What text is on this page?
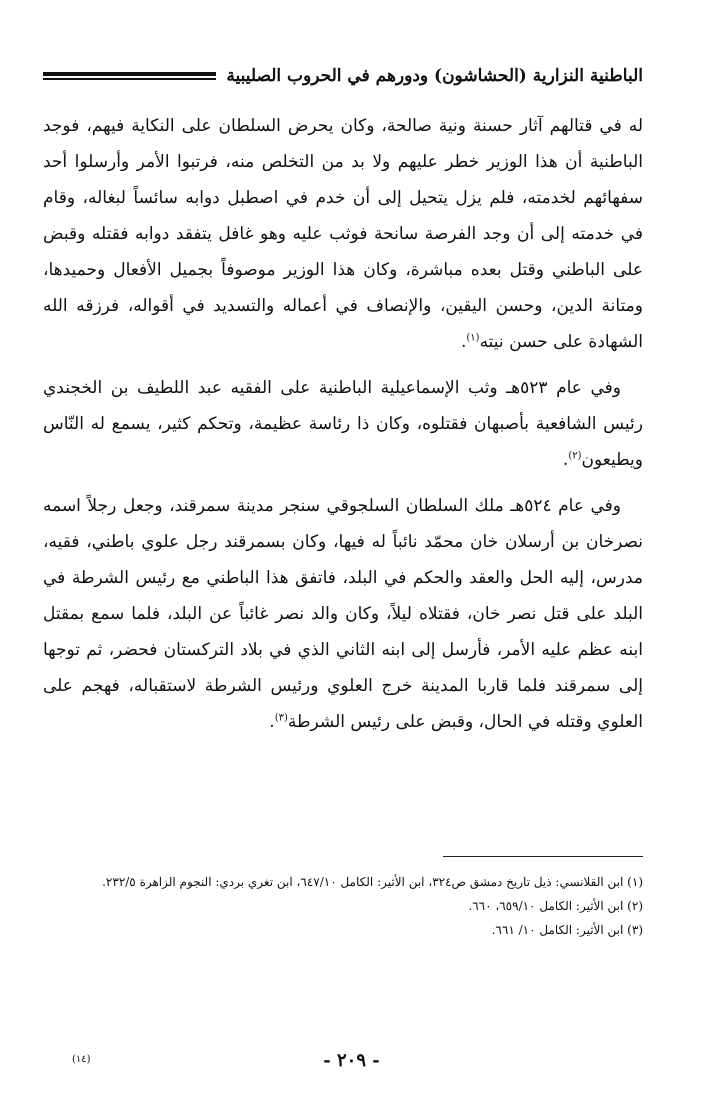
الباطنية النزارية (الحشاشون) ودورهم في الحروب الصليبية

له في قتالهم آثار حسنة ونية صالحة، وكان يحرض السلطان على النكاية فيهم، فوجد الباطنية أن هذا الوزير خطر عليهم ولا بد من التخلص منه، فرتبوا الأمر وأرسلوا أحد سفهائهم لخدمته، فلم يزل يتحيل إلى أن خدم في اصطبل دوابه سائساً لبغاله، وقام في خدمته إلى أن وجد الفرصة سانحة فوثب عليه وهو غافل يتفقد دوابه فقتله وقبض على الباطني وقتل بعده مباشرة، وكان هذا الوزير موصوفاً بجميل الأفعال وحميدها، ومتانة الدين، وحسن اليقين، والإنصاف في أعماله والتسديد في أقواله، فرزقه الله الشهادة على حسن نيته$^{(١)}$.

وفي عام ٥٢٣هـ وثب الإسماعيلية الباطنية على الفقيه عبد اللطيف بن الخجندي رئيس الشافعية بأصبهان فقتلوه، وكان ذا رئاسة عظيمة، وتحكم كثير، يسمع له النّاس ويطيعون$^{(٢)}$.

وفي عام ٥٢٤هـ ملك السلطان السلجوقي سنجر مدينة سمرقند، وجعل رجلاً اسمه نصرخان بن أرسلان خان محمّد نائباً له فيها، وكان بسمرقند رجل علوي باطني، فقيه، مدرس، إليه الحل والعقد والحكم في البلد، فاتفق هذا الباطني مع رئيس الشرطة في البلد على قتل نصر خان، فقتلاه ليلاً، وكان والد نصر غائباً عن البلد، فلما سمع بمقتل ابنه عظم عليه الأمر، فأرسل إلى ابنه الثاني الذي في بلاد التركستان فحضر، ثم توجها إلى سمرقند فلما قاربا المدينة خرج العلوي ورئيس الشرطة لاستقباله، فهجم على العلوي وقتله في الحال، وقبض على رئيس الشرطة$^{(٣)}$.

(١) ابن القلانسي: ذيل تاريخ دمشق ص٣٢٤، ابن الأثير: الكامل ٦٤٧/١٠، ابن تغري بردي: النجوم الزاهرة ٢٣٢/٥.
(٢) ابن الأثير: الكامل ٦٥٩/١٠، ٦٦٠.
(٣) ابن الأثير: الكامل ١٠/ ٦٦١.
- ٢٠٩ -
(١٤)
